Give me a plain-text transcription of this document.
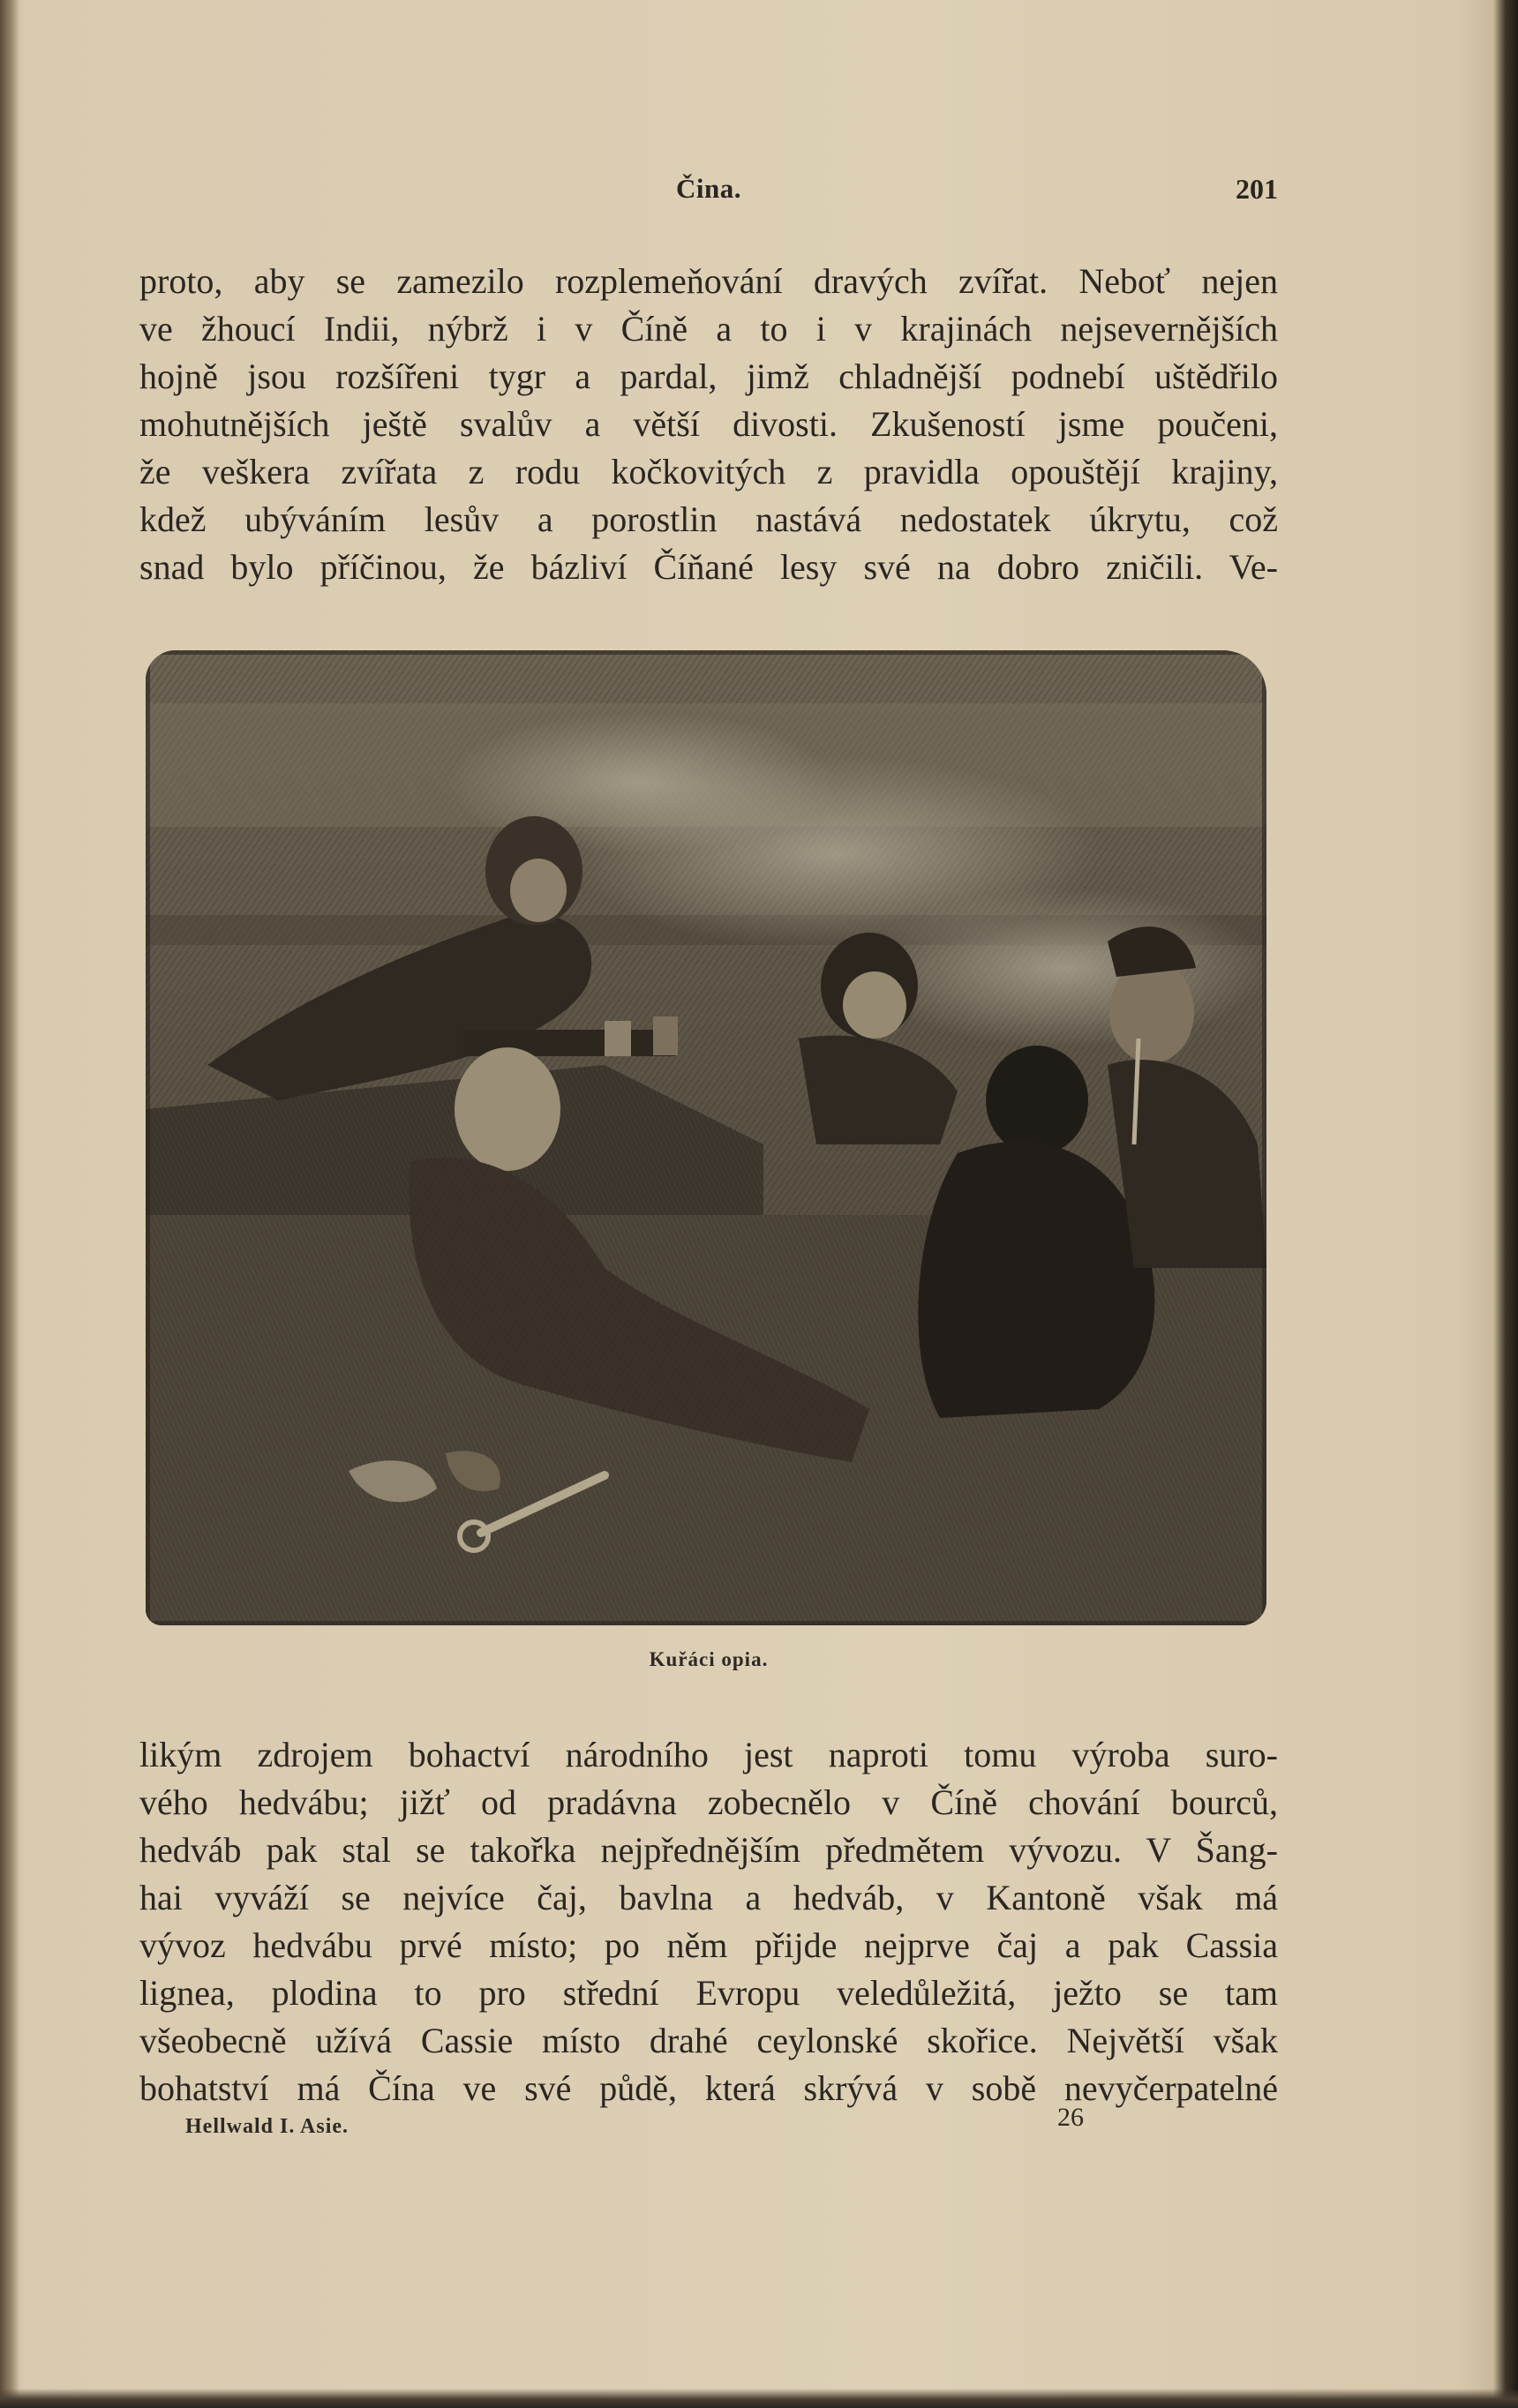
Čina.	201
proto, aby se zamezilo rozplemeňování dravých zvířat. Neboť nejen
ve žhoucí Indii, nýbrž i v Číně a to i v krajinách nejsevernějších
hojně jsou rozšířeni tygr a pardal, jimž chladnější podnebí uštědřilo
mohutnějších ještě svalův a větší divosti. Zkušeností jsme poučeni,
že veškera zvířata z rodu kočkovitých z pravidla opouštějí krajiny,
kdež ubýváním lesův a porostlin nastává nedostatek úkrytu, což
snad bylo příčinou, že bázliví Číňané lesy své na dobro zničili. Ve-
Kuřáci opia.
likým zdrojem bohactví národního jest naproti tomu výroba suro-
vého hedvábu; jižť od pradávna zobecnělo v Číně chování bourců,
hedváb pak stal se takořka nejpřednějším předmětem vývozu. V Šang-
hai vyváží se nejvíce čaj, bavlna a hedváb, v Kantoně však má
vývoz hedvábu prvé místo; po něm přijde nejprve čaj a pak Cassia
lignea, plodina to pro střední Evropu veledůležitá, ježto se tam
všeobecně užívá Cassie místo drahé ceylonské skořice. Největší však
bohatství má Čína ve své půdě, která skrývá v sobě nevyčerpatelné
Hellwald I. Asie.	26
